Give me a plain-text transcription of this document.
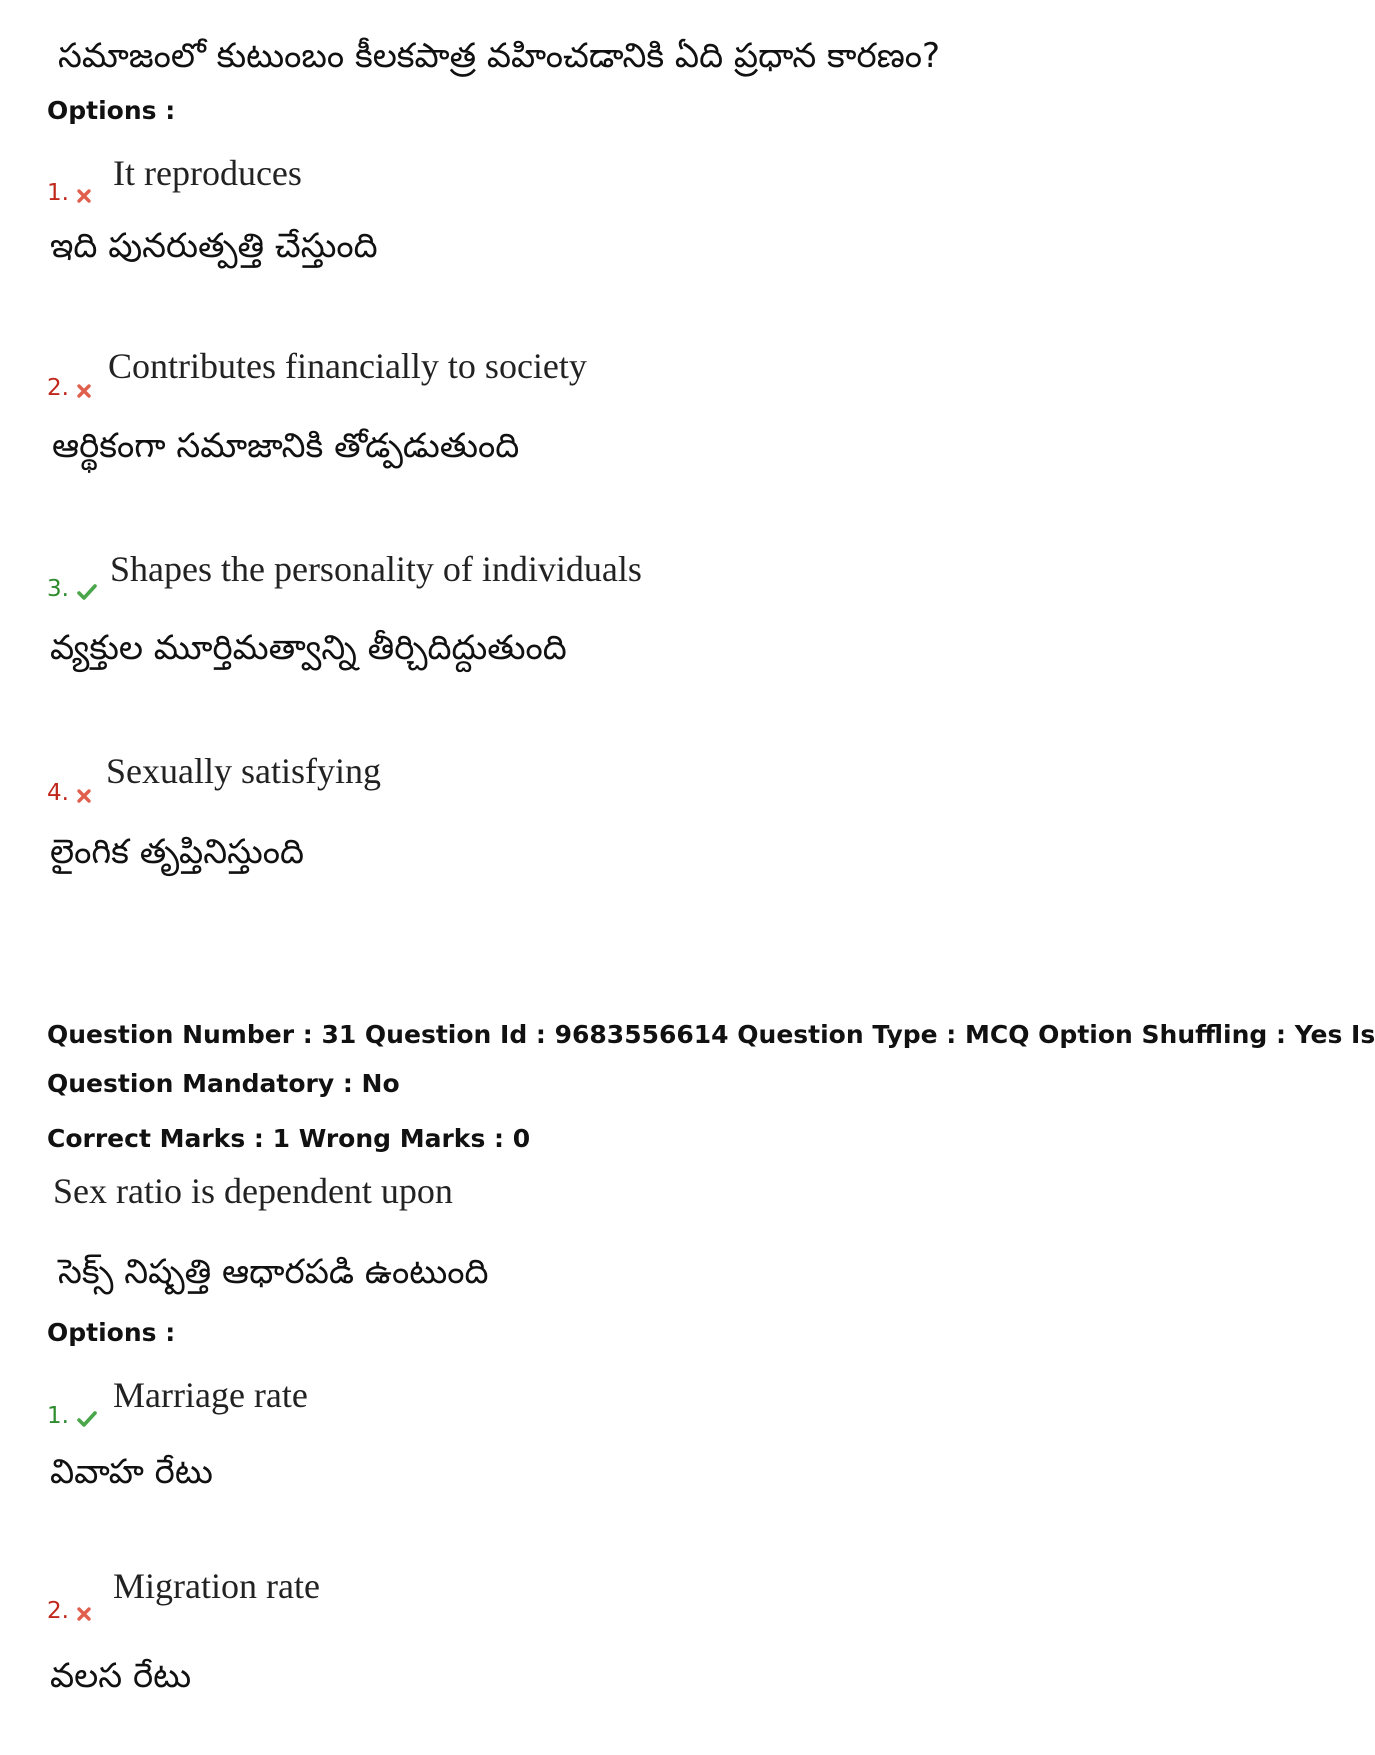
సమాజంలో కుటుంబం కీలకపాత్ర వహించడానికి ఏది ప్రధాన కారణం?
Options :
1.	It reproduces
ఇది పునరుత్పత్తి చేస్తుంది
2.
Contributes financially to society
ఆర్థికంగా సమాజానికి తోడ్పడుతుంది
3.	Shapes the personality of individuals
వ్యక్తుల మూర్తిమత్వాన్ని తీర్చిదిద్దుతుంది
4.
Sexually satisfying
లైంగిక తృప్తినిస్తుంది
Question Number : 31 Question Id : 9683556614 Question Type : MCQ Option Shuffling : Yes Is
Question Mandatory : No
Correct Marks : 1 Wrong Marks : 0
Sex ratio is dependent upon
సెక్స్ నిష్పత్తి ఆధారపడి ఉంటుంది
Options :
1.
Marriage rate
వివాహ రేటు
2.
Migration rate
వలస రేటు
